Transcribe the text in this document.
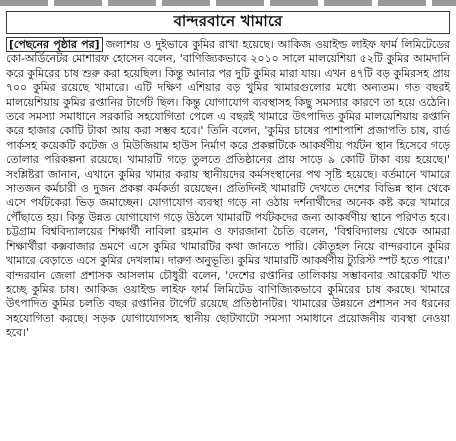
বান্দরবানে খামারে

[পেছনের পৃষ্ঠার পর] জলাশয় ও দুইভাবে কুমির রাখা হয়েছে। আকিজ ওয়াইল্ড লাইফ ফার্ম লিমিটেডের কো-অর্ডিনেটর মোশারফ হোসেন বলেন, 'বাণিজ্যিকভাবে ২০১০ সালে মালয়েশিয়া ৫২টি কুমির আমদানি করে কুমিরের চাষ শুরু করা হয়েছিল। কিন্তু আনার পর দুটি কুমির মারা যায়। এখন ৪৭টি বড় কুমিরসহ প্রায় ৭০০ কুমির রয়েছে খামারে। এটি দক্ষিণ এশিয়ার বড় খুমির খামারগুলোর মধ্যে অন্যতম। গত বছরই মালয়েশিয়ায় কুমির রপ্তানির টার্গেট ছিল। কিন্তু যোগাযোগ ব্যবস্থাসহ কিছু সমস্যার কারণে তা হয়ে ওঠেনি। তবে সমস্যা সমাধানে সরকারি সহযোগিতা পেলে এ বছরই খামারে উৎপাদিত কুমির মালয়েশিয়ায় রপ্তানি করে হাজার কোটি টাকা আয় করা সম্ভব হবে।' তিনি বলেন, 'কুমির চাষের পাশাপাশি প্রজাপতি চাষ, বার্ড পার্কসহ কয়েকটি কটেজ ও মিউজিয়াম হাউস নির্মাণ করে প্রকল্পটিকে আকর্ষণীয় পর্যটন স্থান হিসেবে গড়ে তোলার পরিকল্পনা রয়েছে। খামারটি গড়ে তুলতে প্রতিষ্ঠানের প্রায় সাড়ে ৯ কোটি টাকা ব্যয় হয়েছে।' সংশ্লিষ্টরা জানান, এখানে কুমির খামার করায় স্থানীয়দের কর্মসংস্থানের পথ সৃষ্টি হয়েছে। বর্তমানে খামারে সাতজন কর্মচারী ও দুজন প্রকল্প কর্মকর্তা রয়েছেন। প্রতিদিনই খামারটি দেখতে দেশের বিভিন্ন স্থান থেকে এসে পর্যটকেরা ভিড় জমাচ্ছেন। যোগাযোগ ব্যবস্থা গড়ে না ওঠায় দর্শনার্থীদের অনেক কষ্ট করে খামারে পৌঁছাতে হয়। কিন্তু উন্নত যোগাযোগ গড়ে উঠলে খামারটি পর্যটকদের জন্য আকর্ষণীয় স্থানে পরিণত হবে। চট্টগ্রাম বিশ্ববিদ্যালয়ের শিক্ষার্থী নাবিলা রহমান ও ফারজানা চৈতি বলেন, 'বিশ্ববিদ্যালয় থেকে আমরা শিক্ষার্থীরা কক্সবাজার ভ্রমণে এসে কুমির খামারটির কথা জানতে পারি। কৌতূহল নিয়ে বান্দরবানে কুমির খামারে বেড়াতে এসে কুমির দেখলাম। দারুণ অনুভূতি। কুমির খামারটি আকর্ষণীয় ট্যুরিস্ট স্পট হতে পারে।' বান্দরবান জেলা প্রশাসক আসলাম চৌধুরী বলেন, 'দেশের রপ্তানির তালিকায় সম্ভাবনার আরেকটি খাত হচ্ছে কুমির চাষ। আকিজ ওয়াইল্ড লাইফ ফার্ম লিমিটেড বাণিজ্যিকভাবে কুমিরের চাষ করছে। খামারে উৎপাদিত কুমির চলতি বছর রপ্তানির টার্গেট রয়েছে প্রতিষ্ঠানটির। খামারের উন্নয়নে প্রশাসন সব ধরনের সহযোগিতা করছে। সড়ক যোগাযোগসহ স্থানীয় ছোটখাটো সমস্যা সমাধানে প্রয়োজনীয় ব্যবস্থা নেওয়া হবে।'
